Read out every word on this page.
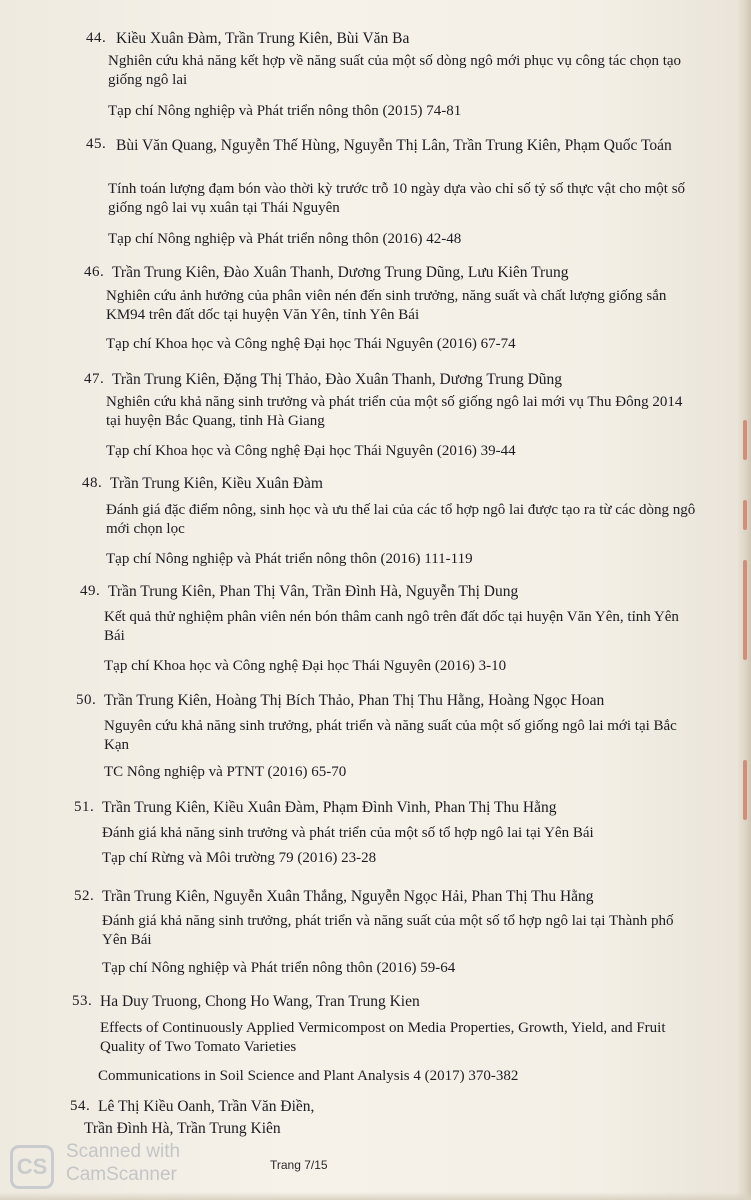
44. Kiều Xuân Đàm, Trần Trung Kiên, Bùi Văn Ba
Nghiên cứu khả năng kết hợp về năng suất của một số dòng ngô mới phục vụ công tác chọn tạo giống ngô lai
Tạp chí Nông nghiệp và Phát triển nông thôn (2015) 74-81
45. Bùi Văn Quang, Nguyễn Thế Hùng, Nguyễn Thị Lân, Trần Trung Kiên, Phạm Quốc Toán
Tính toán lượng đạm bón vào thời kỳ trước trỗ 10 ngày dựa vào chỉ số tỷ số thực vật cho một số giống ngô lai vụ xuân tại Thái Nguyên
Tạp chí Nông nghiệp và Phát triển nông thôn (2016) 42-48
46. Trần Trung Kiên, Đào Xuân Thanh, Dương Trung Dũng, Lưu Kiên Trung
Nghiên cứu ảnh hưởng của phân viên nén đến sinh trưởng, năng suất và chất lượng giống sắn KM94 trên đất dốc tại huyện Văn Yên, tỉnh Yên Bái
Tạp chí Khoa học và Công nghệ Đại học Thái Nguyên (2016) 67-74
47. Trần Trung Kiên, Đặng Thị Thảo, Đào Xuân Thanh, Dương Trung Dũng
Nghiên cứu khả năng sinh trưởng và phát triển của một số giống ngô lai mới vụ Thu Đông 2014 tại huyện Bắc Quang, tỉnh Hà Giang
Tạp chí Khoa học và Công nghệ Đại học Thái Nguyên (2016) 39-44
48. Trần Trung Kiên, Kiều Xuân Đàm
Đánh giá đặc điểm nông, sinh học và ưu thế lai của các tổ hợp ngô lai được tạo ra từ các dòng ngô mới chọn lọc
Tạp chí Nông nghiệp và Phát triển nông thôn (2016) 111-119
49. Trần Trung Kiên, Phan Thị Vân, Trần Đình Hà, Nguyễn Thị Dung
Kết quả thử nghiệm phân viên nén bón thâm canh ngô trên đất dốc tại huyện Văn Yên, tỉnh Yên Bái
Tạp chí Khoa học và Công nghệ Đại học Thái Nguyên (2016) 3-10
50. Trần Trung Kiên, Hoàng Thị Bích Thảo, Phan Thị Thu Hằng, Hoàng Ngọc Hoan
Nguyên cứu khả năng sinh trưởng, phát triển và năng suất của một số giống ngô lai mới tại Bắc Kạn
TC Nông nghiệp và PTNT (2016) 65-70
51. Trần Trung Kiên, Kiều Xuân Đàm, Phạm Đình Vinh, Phan Thị Thu Hằng
Đánh giá khả năng sinh trưởng và phát triển của một số tổ hợp ngô lai tại Yên Bái
Tạp chí Rừng và Môi trường 79 (2016) 23-28
52. Trần Trung Kiên, Nguyễn Xuân Thắng, Nguyễn Ngọc Hải, Phan Thị Thu Hằng
Đánh giá khả năng sinh trưởng, phát triển và năng suất của một số tổ hợp ngô lai tại Thành phố Yên Bái
Tạp chí Nông nghiệp và Phát triển nông thôn (2016) 59-64
53. Ha Duy Truong, Chong Ho Wang, Tran Trung Kien
Effects of Continuously Applied Vermicompost on Media Properties, Growth, Yield, and Fruit Quality of Two Tomato Varieties
Communications in Soil Science and Plant Analysis 4 (2017) 370-382
54. Lê Thị Kiều Oanh, Trần Văn Điền,
Trần Đình Hà, Trần Trung Kiên
Trang 7/15
CS
Scanned with
CamScanner
